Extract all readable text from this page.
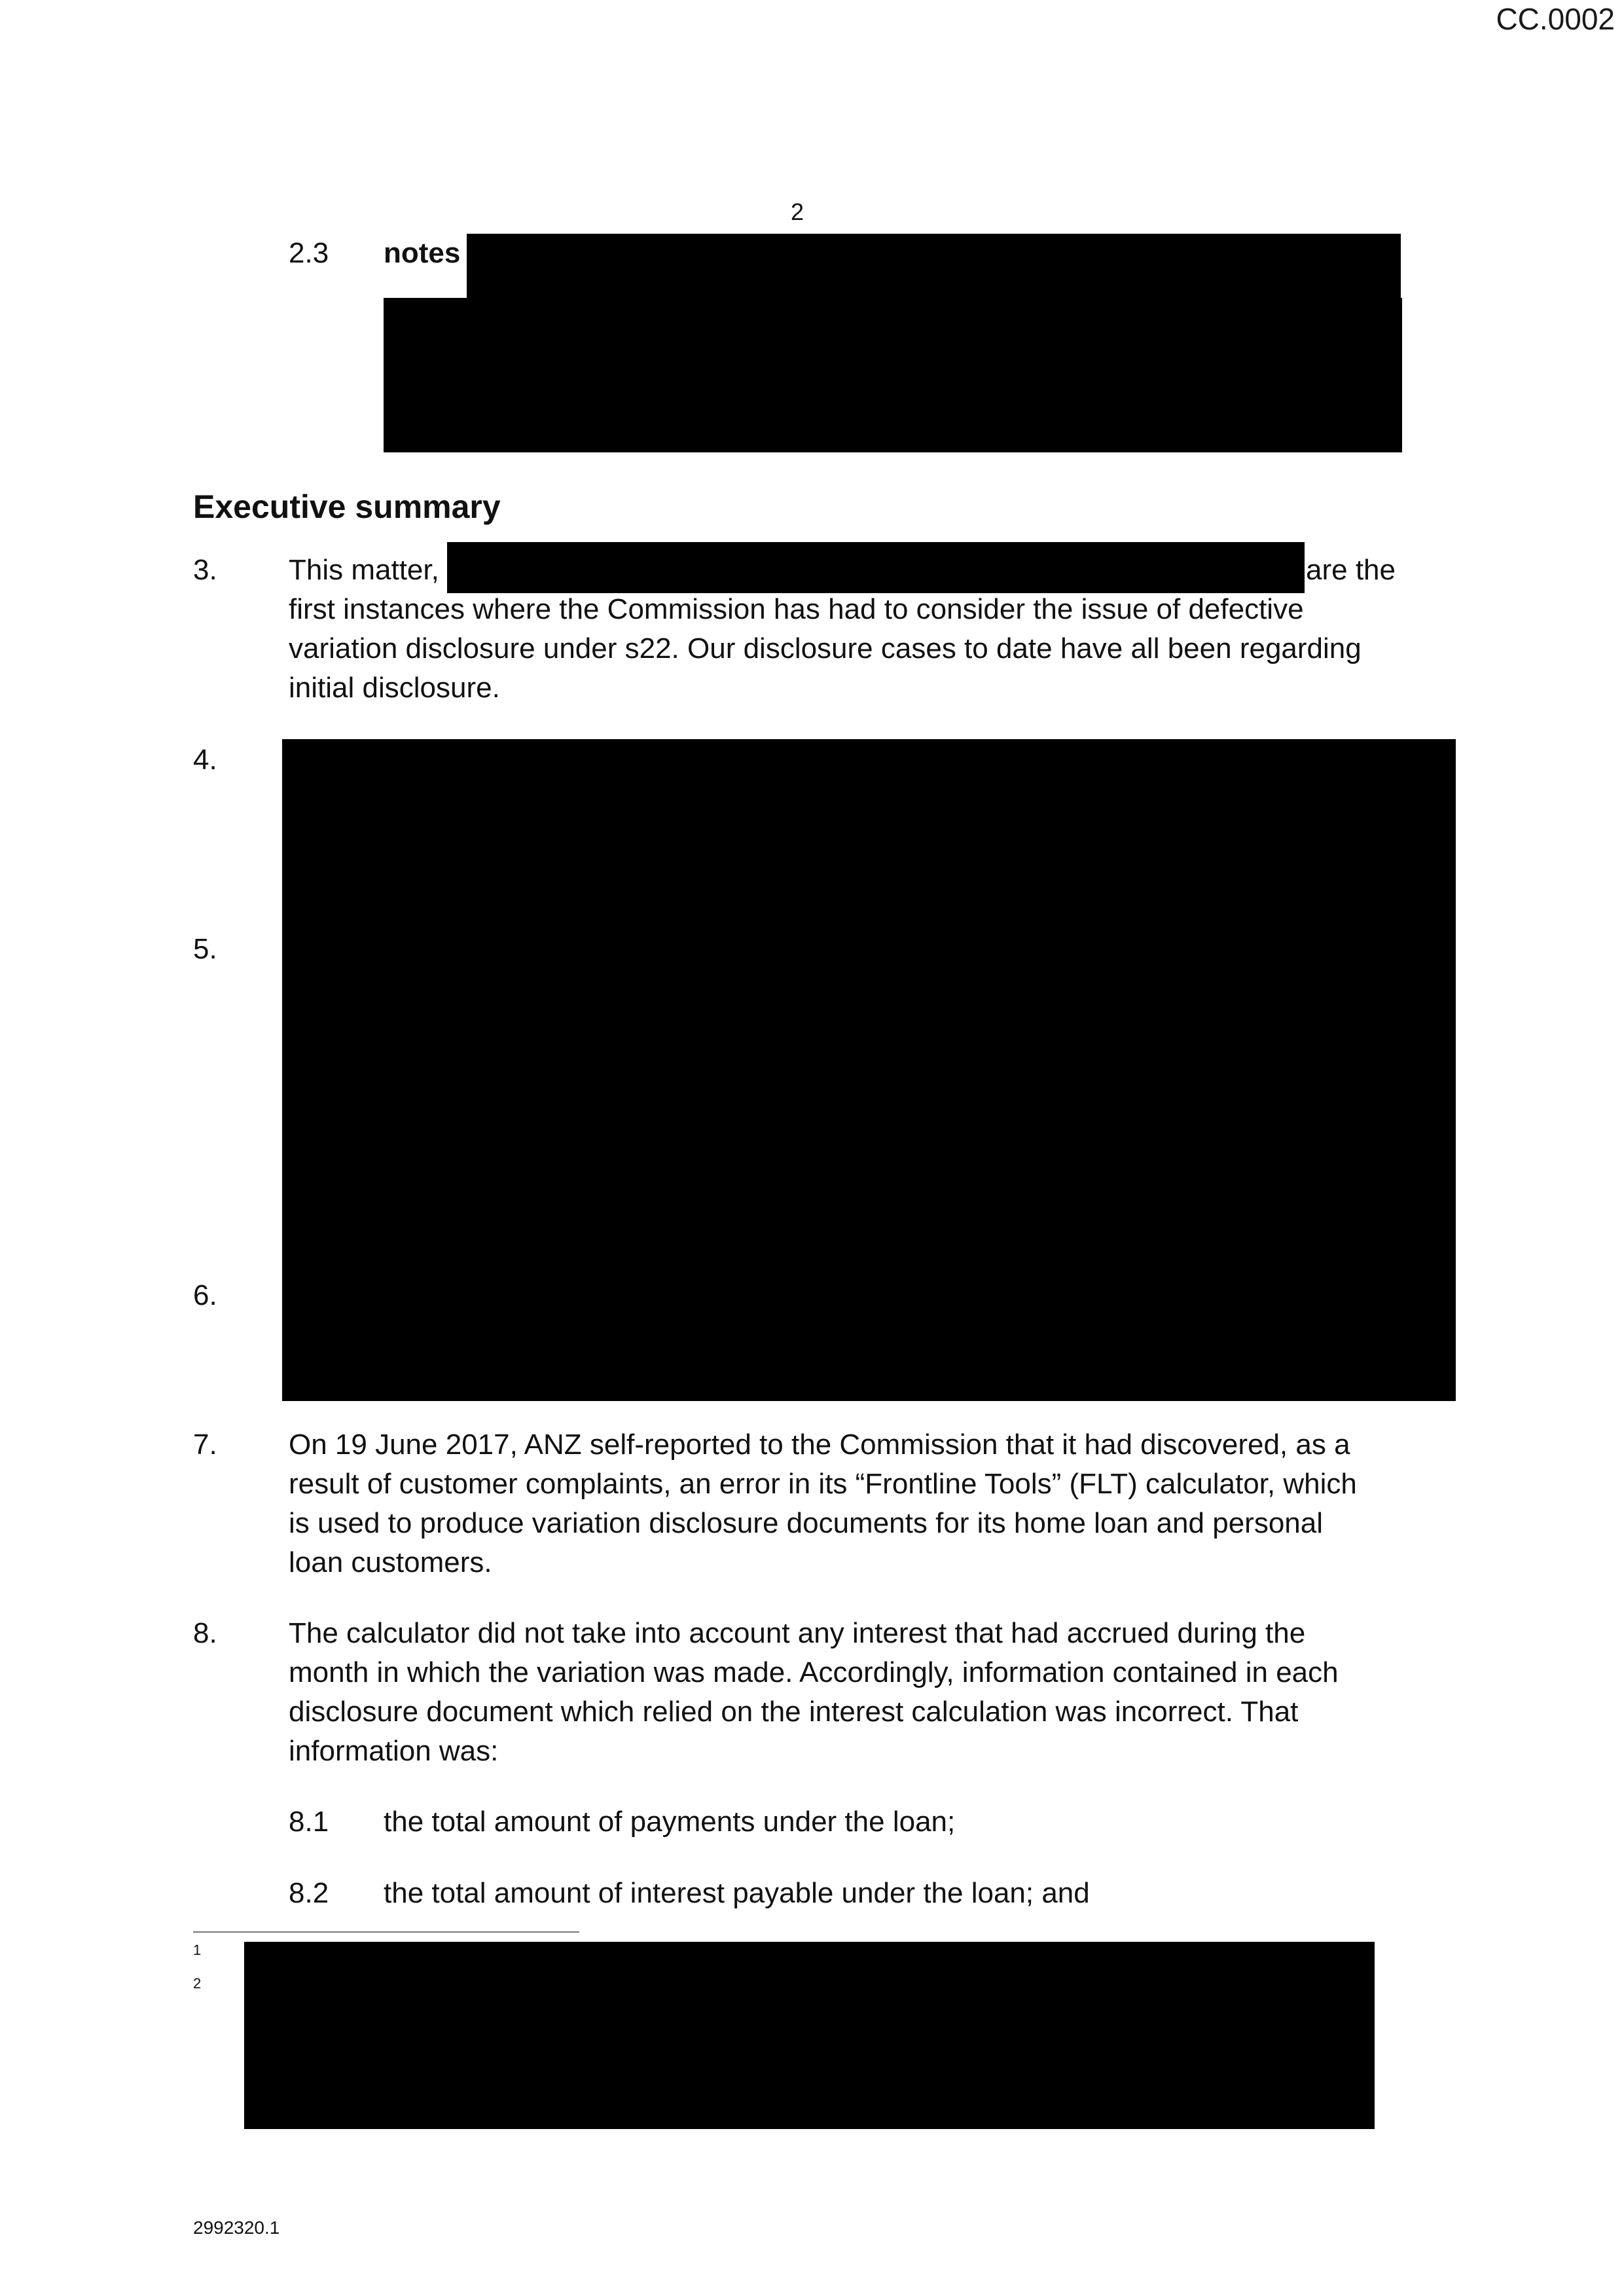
CC.0002
2
2.3 notes
Executive summary
3. This matter,	are the
first instances where the Commission has had to consider the issue of defective
variation disclosure under s22. Our disclosure cases to date have all been regarding
initial disclosure.
4.
5.
6.
7. On 19 June 2017, ANZ self-reported to the Commission that it had discovered, as a
result of customer complaints, an error in its “Frontline Tools” (FLT) calculator, which
is used to produce variation disclosure documents for its home loan and personal
loan customers.
8. The calculator did not take into account any interest that had accrued during the
month in which the variation was made. Accordingly, information contained in each
disclosure document which relied on the interest calculation was incorrect. That
information was:
8.1 the total amount of payments under the loan;
8.2 the total amount of interest payable under the loan; and
1
2
2992320.1
